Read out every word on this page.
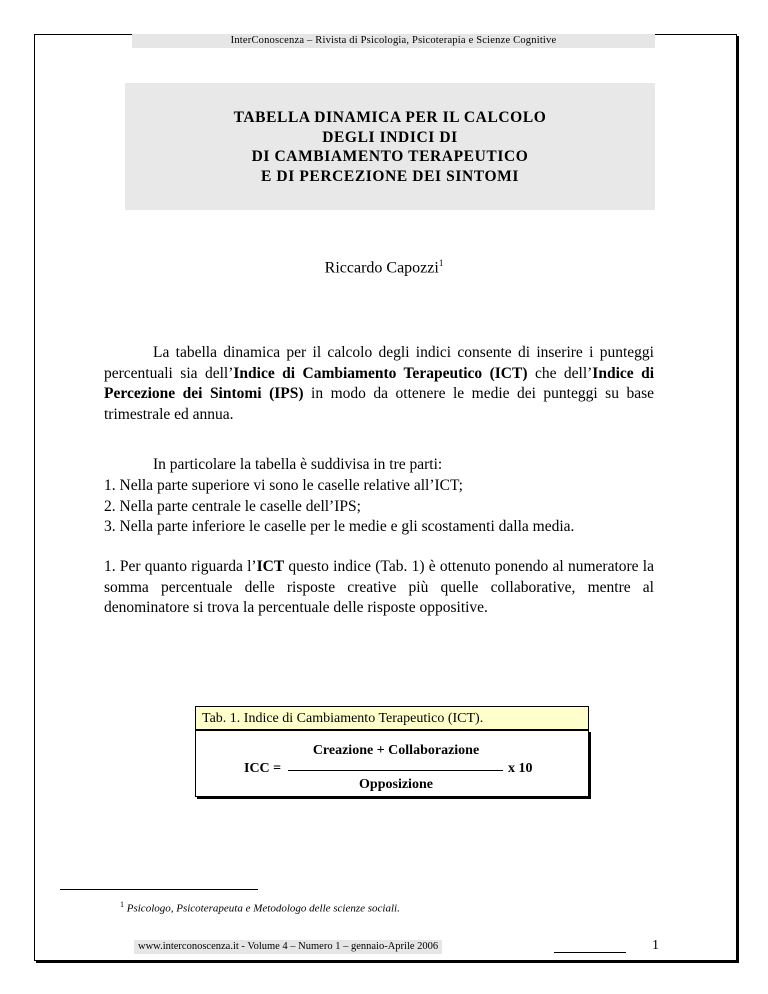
InterConoscenza – Rivista di Psicologia, Psicoterapia e Scienze Cognitive
TABELLA DINAMICA PER IL CALCOLO
DEGLI INDICI DI
DI CAMBIAMENTO TERAPEUTICO
E DI PERCEZIONE DEI SINTOMI
Riccardo Capozzi$^1$
La tabella dinamica per il calcolo degli indici consente di inserire i punteggi percentuali sia dell’Indice di Cambiamento Terapeutico (ICT) che dell’Indice di Percezione dei Sintomi (IPS) in modo da ottenere le medie dei punteggi su base trimestrale ed annua.
In particolare la tabella è suddivisa in tre parti:
1. Nella parte superiore vi sono le caselle relative all’ICT;
2. Nella parte centrale le caselle dell’IPS;
3. Nella parte inferiore le caselle per le medie e gli scostamenti dalla media.
1. Per quanto riguarda l’ICT questo indice (Tab. 1) è ottenuto ponendo al numeratore la somma percentuale delle risposte creative più quelle collaborative, mentre al denominatore si trova la percentuale delle risposte oppositive.
Tab. 1. Indice di Cambiamento Terapeutico (ICT).
Creazione + Collaborazione
ICC =	x 10
Opposizione
$^1$ Psicologo, Psicoterapeuta e Metodologo delle scienze sociali.
www.interconoscenza.it - Volume 4 – Numero 1 – gennaio-Aprile 2006	1
